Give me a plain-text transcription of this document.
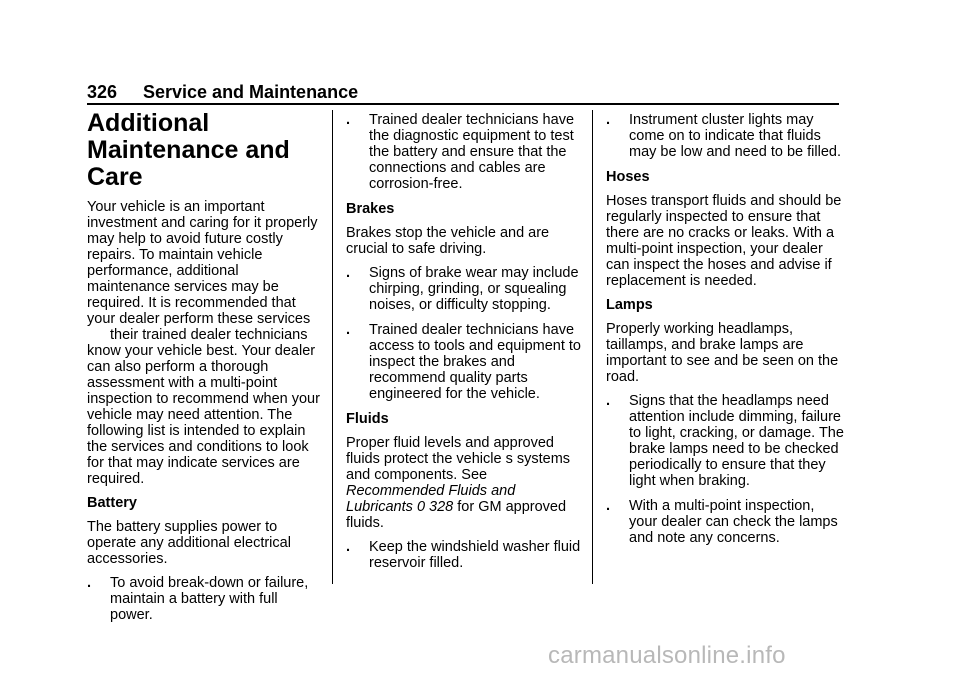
326 Service and Maintenance
Additional Maintenance and Care

Your vehicle is an important investment and caring for it properly may help to avoid future costly repairs. To maintain vehicle performance, additional maintenance services may be required. It is recommended that your dealer perform these services
their trained dealer technicians know your vehicle best. Your dealer can also perform a thorough assessment with a multi-point inspection to recommend when your vehicle may need attention. The following list is intended to explain the services and conditions to look for that may indicate services are required.

Battery

The battery supplies power to operate any additional electrical accessories.

.	To avoid break-down or failure, maintain a battery with full power.
.	Trained dealer technicians have the diagnostic equipment to test the battery and ensure that the connections and cables are corrosion-free.

Brakes

Brakes stop the vehicle and are crucial to safe driving.

.	Signs of brake wear may include chirping, grinding, or squealing noises, or difficulty stopping.
.	Trained dealer technicians have access to tools and equipment to inspect the brakes and recommend quality parts engineered for the vehicle.

Fluids

Proper fluid levels and approved fluids protect the vehicle s systems and components. See Recommended Fluids and Lubricants 0 328 for GM approved fluids.

.	Keep the windshield washer fluid reservoir filled.
.	Instrument cluster lights may come on to indicate that fluids may be low and need to be filled.

Hoses

Hoses transport fluids and should be regularly inspected to ensure that there are no cracks or leaks. With a multi-point inspection, your dealer can inspect the hoses and advise if replacement is needed.

Lamps

Properly working headlamps, taillamps, and brake lamps are important to see and be seen on the road.

.	Signs that the headlamps need attention include dimming, failure to light, cracking, or damage. The brake lamps need to be checked periodically to ensure that they light when braking.
.	With a multi-point inspection, your dealer can check the lamps and note any concerns.
carmanualsonline.info
